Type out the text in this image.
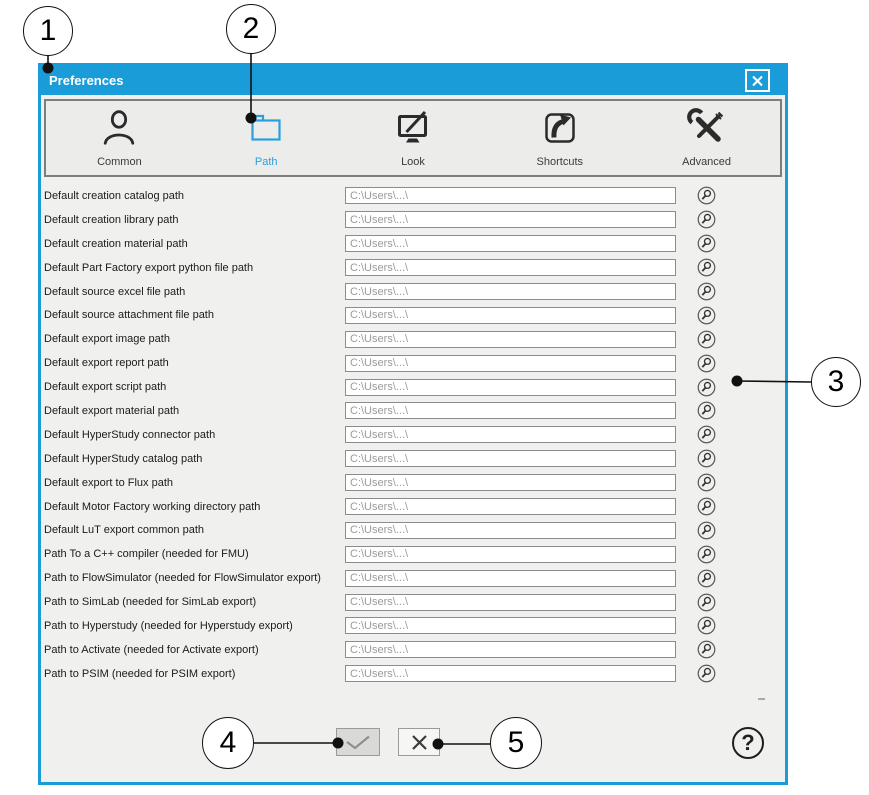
Preferences
Common	Path	Look	Shortcuts	Advanced
Default creation catalog path
C:\Users\...\
Default creation library path
C:\Users\...\
Default creation material path
C:\Users\...\
Default Part Factory export python file path
C:\Users\...\
Default source excel file path
C:\Users\...\
Default source attachment file path
C:\Users\...\
Default export image path
C:\Users\...\
Default export report path
C:\Users\...\
Default export script path
C:\Users\...\
Default export material path
C:\Users\...\
Default HyperStudy connector path
C:\Users\...\
Default HyperStudy catalog path
C:\Users\...\
Default export to Flux path
C:\Users\...\
Default Motor Factory working directory path
C:\Users\...\
Default LuT export common path
C:\Users\...\
Path To a C++ compiler (needed for FMU)
C:\Users\...\
Path to FlowSimulator (needed for FlowSimulator export)
C:\Users\...\
Path to SimLab (needed for SimLab export)
C:\Users\...\
Path to Hyperstudy (needed for Hyperstudy export)
C:\Users\...\
Path to Activate (needed for Activate export)
C:\Users\...\
Path to PSIM (needed for PSIM export)
C:\Users\...\
?
1	2
3
4	5
